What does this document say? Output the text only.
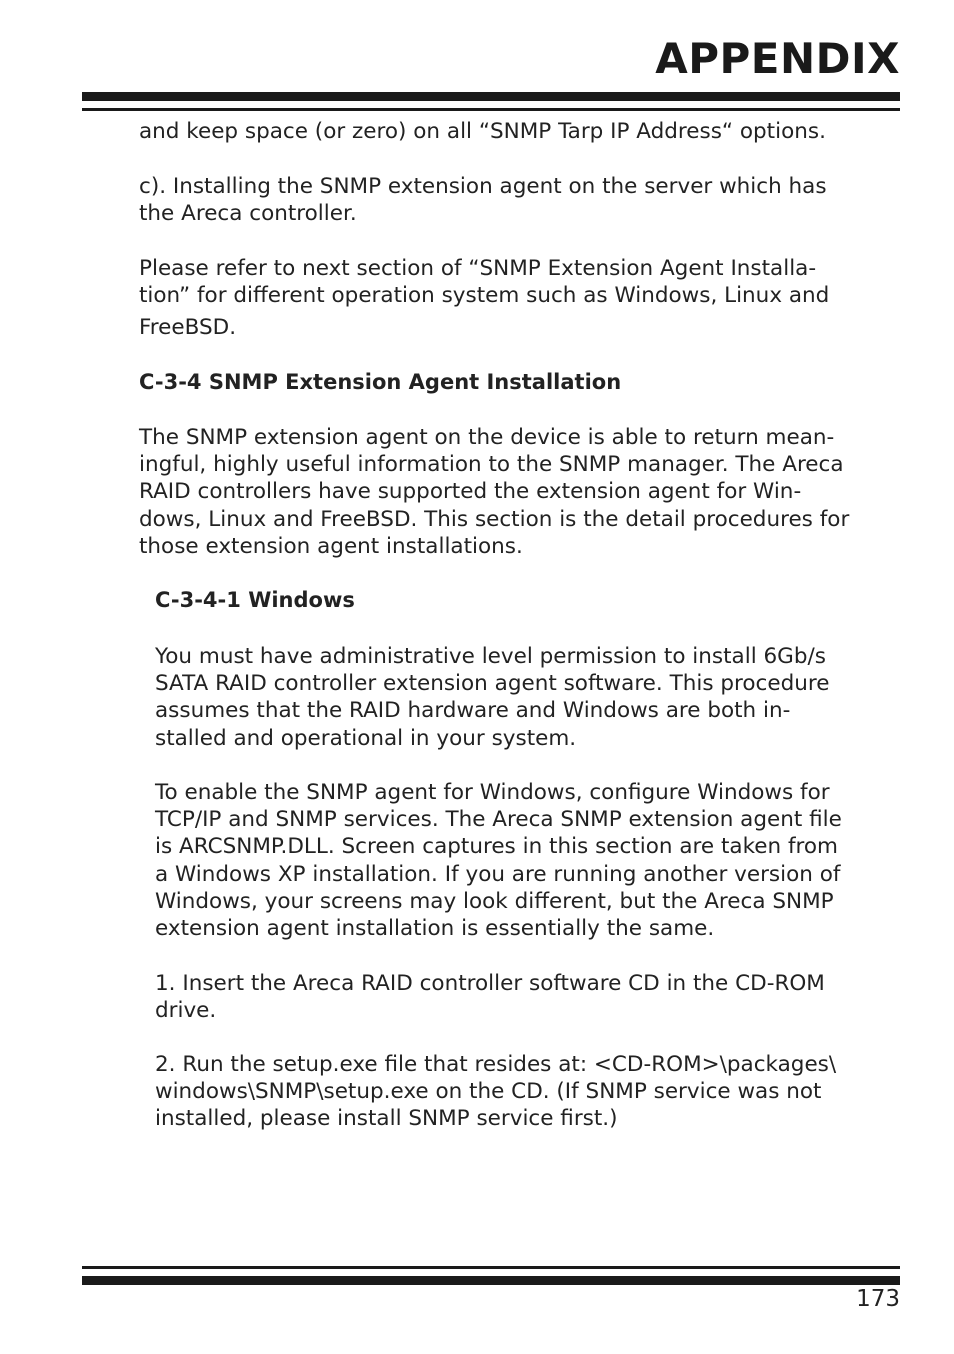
APPENDIX

and keep space (or zero) on all “SNMP Tarp IP Address“ options.

c). Installing the SNMP extension agent on the server which has
the Areca controller.

Please refer to next section of “SNMP Extension Agent Installa-
tion” for different operation system such as Windows, Linux and
FreeBSD.

C-3-4 SNMP Extension Agent Installation

The SNMP extension agent on the device is able to return mean-
ingful, highly useful information to the SNMP manager. The Areca
RAID controllers have supported the extension agent for Win-
dows, Linux and FreeBSD. This section is the detail procedures for
those extension agent installations.

C-3-4-1 Windows

You must have administrative level permission to install 6Gb/s
SATA RAID controller extension agent software. This procedure
assumes that the RAID hardware and Windows are both in-
stalled and operational in your system.

To enable the SNMP agent for Windows, configure Windows for
TCP/IP and SNMP services. The Areca SNMP extension agent file
is ARCSNMP.DLL. Screen captures in this section are taken from
a Windows XP installation. If you are running another version of
Windows, your screens may look different, but the Areca SNMP
extension agent installation is essentially the same.

1. Insert the Areca RAID controller software CD in the CD-ROM
drive.

2. Run the setup.exe file that resides at: <CD-ROM>\packages\
windows\SNMP\setup.exe on the CD. (If SNMP service was not
installed, please install SNMP service first.)

173
